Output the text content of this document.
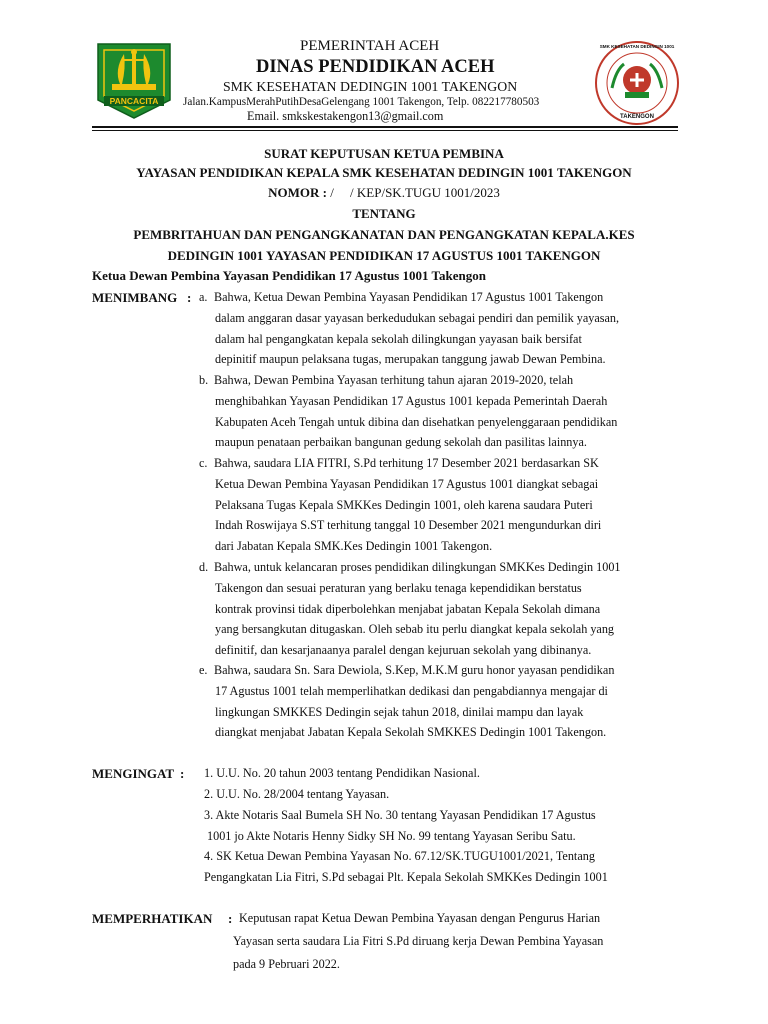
PANCACITA
SMK KESEHATAN DEDINGIN 1001
TAKENGON
PEMERINTAH ACEH
DINAS PENDIDIKAN ACEH
SMK KESEHATAN DEDINGIN 1001 TAKENGON
Jalan.KampusMerahPutihDesaGelengang 1001 Takengon, Telp. 082217780503
Email. smkskestakengon13@gmail.com
SURAT KEPUTUSAN KETUA PEMBINA
YAYASAN PENDIDIKAN KEPALA SMK KESEHATAN DEDINGIN 1001 TAKENGON
NOMOR : /     / KEP/SK.TUGU 1001/2023
TENTANG
PEMBRITAHUAN DAN PENGANGKANATAN DAN PENGANGKATAN KEPALA.KES
DEDINGIN 1001 YAYASAN PENDIDIKAN 17 AGUSTUS 1001 TAKENGON
Ketua Dewan Pembina Yayasan Pendidikan 17 Agustus 1001 Takengon
MENIMBANG : a. Bahwa, Ketua Dewan Pembina Yayasan Pendidikan 17 Agustus 1001 Takengon
dalam anggaran dasar yayasan berkedudukan sebagai pendiri dan pemilik yayasan,
dalam hal pengangkatan kepala sekolah dilingkungan yayasan baik bersifat
depinitif maupun pelaksana tugas, merupakan tanggung jawab Dewan Pembina.
b. Bahwa, Dewan Pembina Yayasan terhitung tahun ajaran 2019-2020, telah
menghibahkan Yayasan Pendidikan 17 Agustus 1001 kepada Pemerintah Daerah
Kabupaten Aceh Tengah untuk dibina dan disehatkan penyelenggaraan pendidikan
maupun penataan perbaikan bangunan gedung sekolah dan pasilitas lainnya.
c. Bahwa, saudara LIA FITRI, S.Pd terhitung 17 Desember 2021 berdasarkan SK
Ketua Dewan Pembina Yayasan Pendidikan 17 Agustus 1001 diangkat sebagai
Pelaksana Tugas Kepala SMKKes Dedingin 1001, oleh karena saudara Puteri
Indah Roswijaya S.ST terhitung tanggal 10 Desember 2021 mengundurkan diri
dari Jabatan Kepala SMK.Kes Dedingin 1001 Takengon.
d. Bahwa, untuk kelancaran proses pendidikan dilingkungan SMKKes Dedingin 1001
Takengon dan sesuai peraturan yang berlaku tenaga kependidikan berstatus
kontrak provinsi tidak diperbolehkan menjabat jabatan Kepala Sekolah dimana
yang bersangkutan ditugaskan. Oleh sebab itu perlu diangkat kepala sekolah yang
definitif, dan kesarjanaanya paralel dengan kejuruan sekolah yang dibinanya.
e. Bahwa, saudara Sn. Sara Dewiola, S.Kep, M.K.M guru honor yayasan pendidikan
17 Agustus 1001 telah memperlihatkan dedikasi dan pengabdiannya mengajar di
lingkungan SMKKES Dedingin sejak tahun 2018, dinilai mampu dan layak
diangkat menjabat Jabatan Kepala Sekolah SMKKES Dedingin 1001 Takengon.
MENGINGAT : 1. U.U. No. 20 tahun 2003 tentang Pendidikan Nasional.
2. U.U. No. 28/2004 tentang Yayasan.
3. Akte Notaris Saal Bumela SH No. 30 tentang Yayasan Pendidikan 17 Agustus
1001 jo Akte Notaris Henny Sidky SH No. 99 tentang Yayasan Seribu Satu.
4. SK Ketua Dewan Pembina Yayasan No. 67.12/SK.TUGU1001/2021, Tentang
Pengangkatan Lia Fitri, S.Pd sebagai Plt. Kepala Sekolah SMKKes Dedingin 1001
MEMPERHATIKAN : Keputusan rapat Ketua Dewan Pembina Yayasan dengan Pengurus Harian
Yayasan serta saudara Lia Fitri S.Pd diruang kerja Dewan Pembina Yayasan
pada 9 Pebruari 2022.
